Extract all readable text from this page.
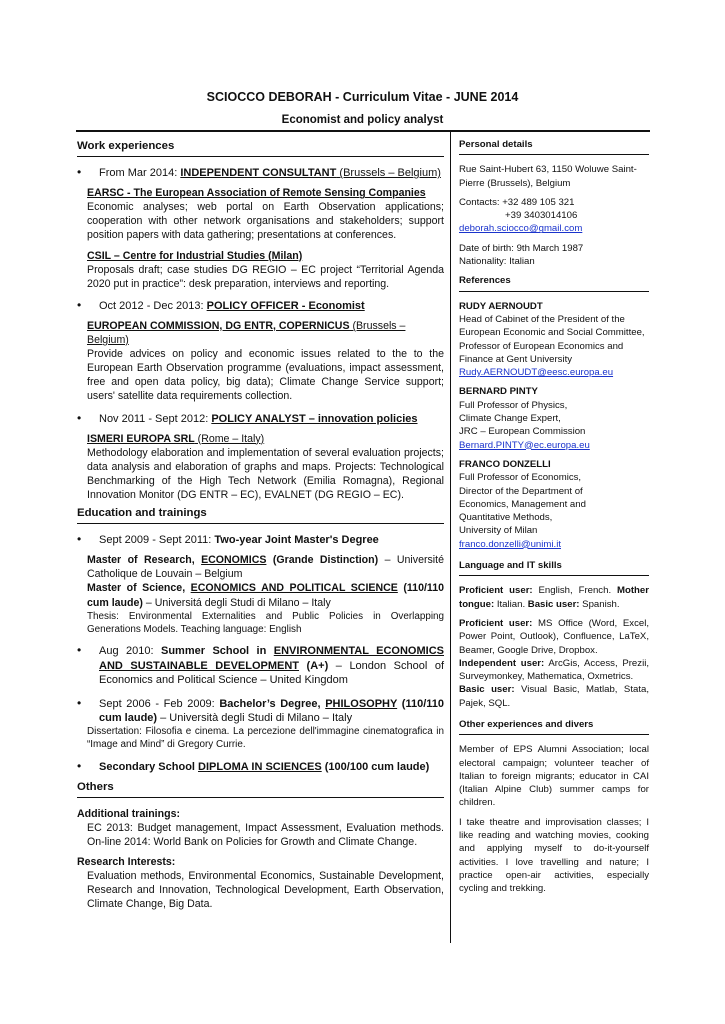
SCIOCCO DEBORAH - Curriculum Vitae - JUNE 2014
Economist and policy analyst
Work experiences
• From Mar 2014: INDEPENDENT CONSULTANT (Brussels – Belgium)
EARSC - The European Association of Remote Sensing Companies
Economic analyses; web portal on Earth Observation applications; cooperation with other network organisations and stakeholders; support position papers with data gathering; presentations at conferences.
CSIL – Centre for Industrial Studies (Milan)
Proposals draft; case studies DG REGIO – EC project “Territorial Agenda 2020 put in practice”: desk preparation, interviews and reporting.
• Oct 2012 - Dec 2013: POLICY OFFICER - Economist
EUROPEAN COMMISSION, DG ENTR, COPERNICUS (Brussels – Belgium)
Provide advices on policy and economic issues related to the to the European Earth Observation programme (evaluations, impact assessment, free and open data policy, big data); Climate Change Service support; users' satellite data requirements collection.
• Nov 2011 - Sept 2012: POLICY ANALYST – innovation policies
ISMERI EUROPA SRL (Rome – Italy)
Methodology elaboration and implementation of several evaluation projects; data analysis and elaboration of graphs and maps. Projects: Technological Benchmarking of the High Tech Network (Emilia Romagna), Regional Innovation Monitor (DG ENTR – EC), EVALNET (DG REGIO – EC).
Education and trainings
• Sept 2009 - Sept 2011: Two-year Joint Master's Degree
Master of Research, ECONOMICS (Grande Distinction) – Université Catholique de Louvain – Belgium
Master of Science, ECONOMICS AND POLITICAL SCIENCE (110/110 cum laude) – Universitá degli Studi di Milano – Italy
Thesis: Environmental Externalities and Public Policies in Overlapping Generations Models. Teaching language: English
• Aug 2010: Summer School in ENVIRONMENTAL ECONOMICS AND SUSTAINABLE DEVELOPMENT (A+) – London School of Economics and Political Science – United Kingdom
• Sept 2006 - Feb 2009: Bachelor’s Degree, PHILOSOPHY (110/110 cum laude) – Università degli Studi di Milano – Italy
Dissertation: Filosofia e cinema. La percezione dell'immagine cinematografica in “Image and Mind” di Gregory Currie.
• Secondary School DIPLOMA IN SCIENCES (100/100 cum laude)
Others
Additional trainings:
EC 2013: Budget management, Impact Assessment, Evaluation methods. On-line 2014: World Bank on Policies for Growth and Climate Change.
Research Interests:
Evaluation methods, Environmental Economics, Sustainable Development, Research and Innovation, Technological Development, Earth Observation, Climate Change, Big Data.
Personal details
Rue Saint-Hubert 63, 1150 Woluwe Saint-Pierre (Brussels), Belgium
Contacts: +32 489 105 321
+39 3403014106
deborah.sciocco@gmail.com
Date of birth: 9th March 1987
Nationality: Italian
References
RUDY AERNOUDT
Head of Cabinet of the President of the European Economic and Social Committee, Professor of European Economics and Finance at Gent University
Rudy.AERNOUDT@eesc.europa.eu
BERNARD PINTY
Full Professor of Physics,
Climate Change Expert,
JRC – European Commission
Bernard.PINTY@ec.europa.eu
FRANCO DONZELLI
Full Professor of Economics,
Director of the Department of
Economics, Management and
Quantitative Methods,
University of Milan
franco.donzelli@unimi.it
Language and IT skills
Proficient user: English, French. Mother tongue: Italian. Basic user: Spanish.
Proficient user: MS Office (Word, Excel, Power Point, Outlook), Confluence, LaTeX, Beamer, Google Drive, Dropbox.
Independent user: ArcGis, Access, Prezii, Surveymonkey, Mathematica, Oxmetrics.
Basic user: Visual Basic, Matlab, Stata, Pajek, SQL.
Other experiences and divers
Member of EPS Alumni Association; local electoral campaign; volunteer teacher of Italian to foreign migrants; educator in CAI (Italian Alpine Club) summer camps for children.
I take theatre and improvisation classes; I like reading and watching movies, cooking and applying myself to do-it-yourself activities. I love travelling and nature; I practice open-air activities, especially cycling and trekking.
